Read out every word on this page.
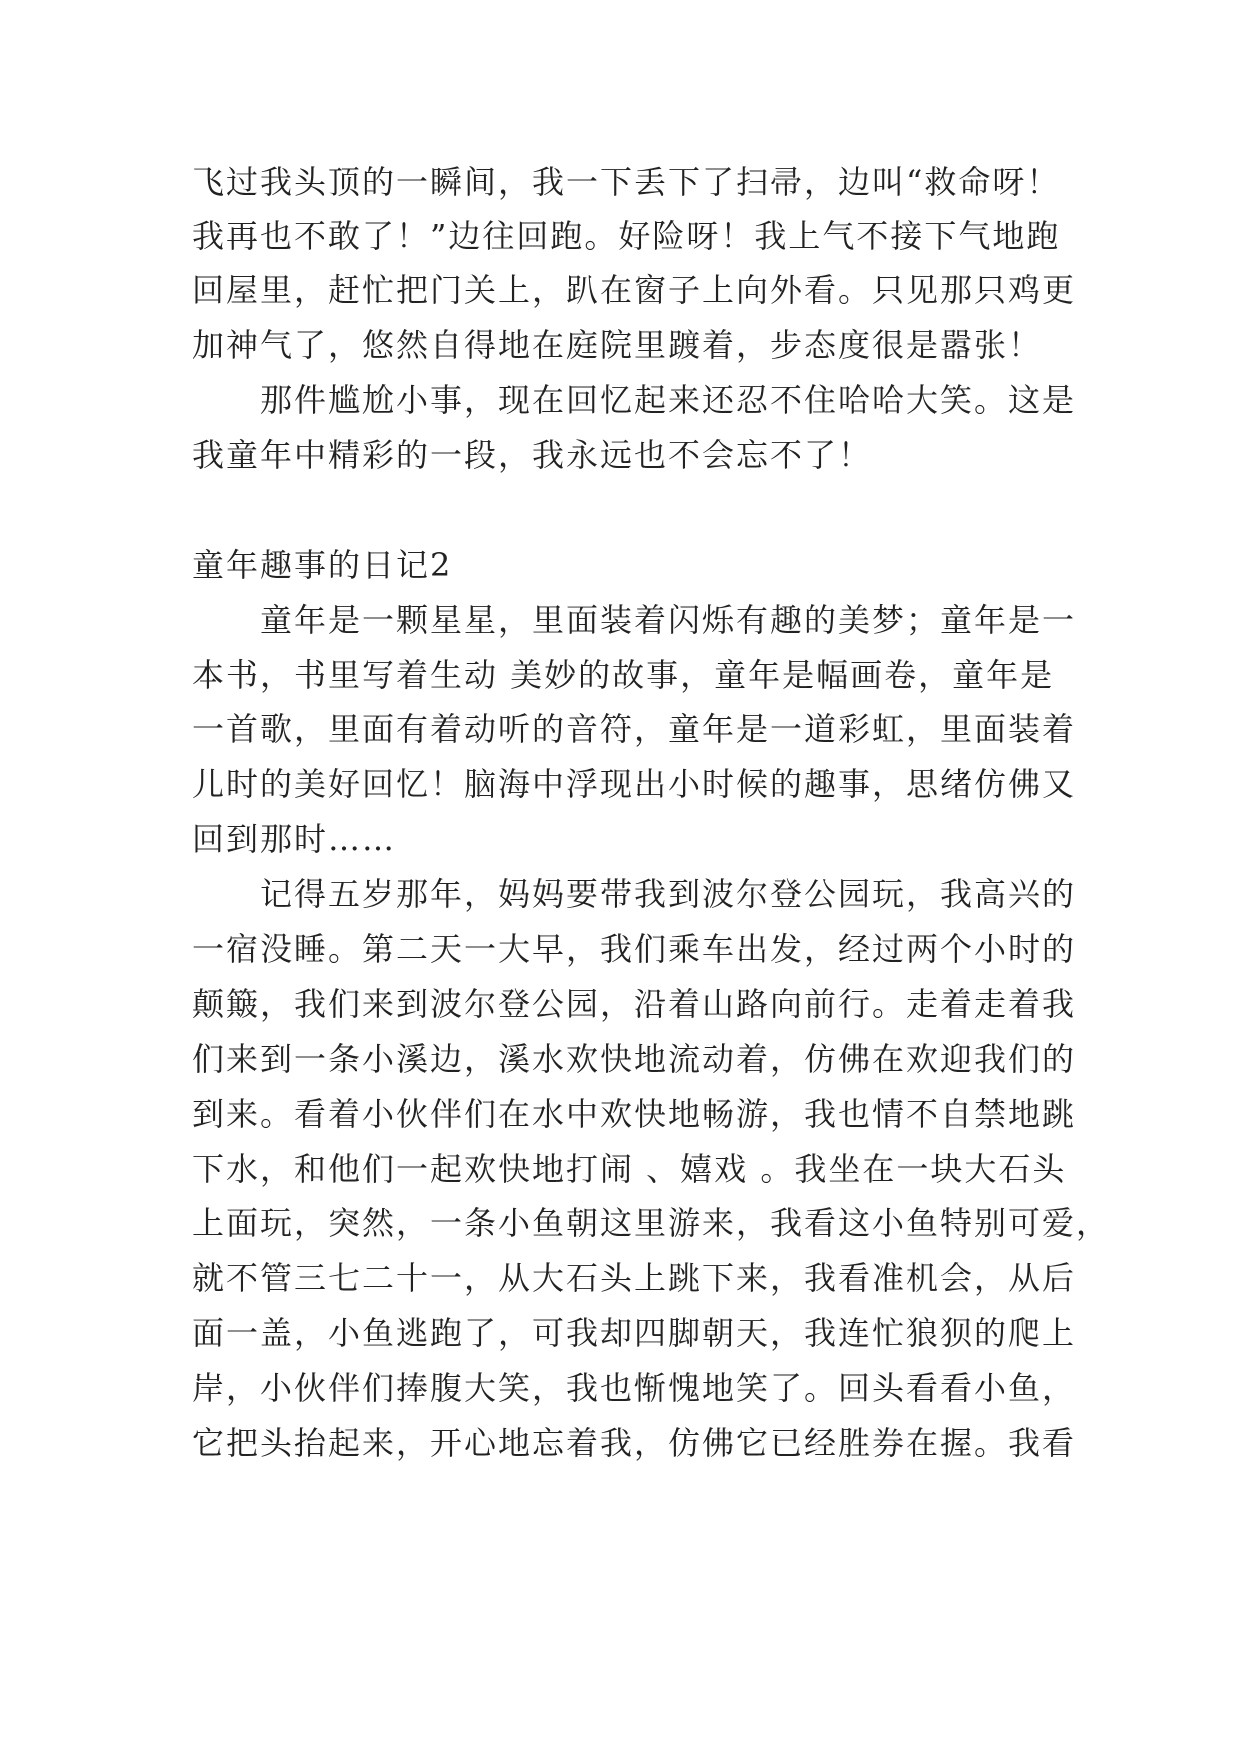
飞过我头顶的一瞬间，我一下丢下了扫帚，边叫“救命呀！
我再也不敢了！”边往回跑。好险呀！我上气不接下气地跑
回屋里，赶忙把门关上，趴在窗子上向外看。只见那只鸡更
加神气了，悠然自得地在庭院里踱着，步态度很是嚣张！
　　那件尴尬小事，现在回忆起来还忍不住哈哈大笑。这是
我童年中精彩的一段，我永远也不会忘不了！
童年趣事的日记2
　　童年是一颗星星，里面装着闪烁有趣的美梦；童年是一
本书，书里写着生动 美妙的故事，童年是幅画卷，童年是
一首歌，里面有着动听的音符，童年是一道彩虹，里面装着
儿时的美好回忆！脑海中浮现出小时候的趣事，思绪仿佛又
回到那时……
　　记得五岁那年，妈妈要带我到波尔登公园玩，我高兴的
一宿没睡。第二天一大早，我们乘车出发，经过两个小时的
颠簸，我们来到波尔登公园，沿着山路向前行。走着走着我
们来到一条小溪边，溪水欢快地流动着，仿佛在欢迎我们的
到来。看着小伙伴们在水中欢快地畅游，我也情不自禁地跳
下水，和他们一起欢快地打闹 、嬉戏 。我坐在一块大石头
上面玩，突然，一条小鱼朝这里游来，我看这小鱼特别可爱，
就不管三七二十一，从大石头上跳下来，我看准机会，从后
面一盖，小鱼逃跑了，可我却四脚朝天，我连忙狼狈的爬上
岸，小伙伴们捧腹大笑，我也惭愧地笑了。回头看看小鱼，
它把头抬起来，开心地忘着我，仿佛它已经胜券在握。我看
